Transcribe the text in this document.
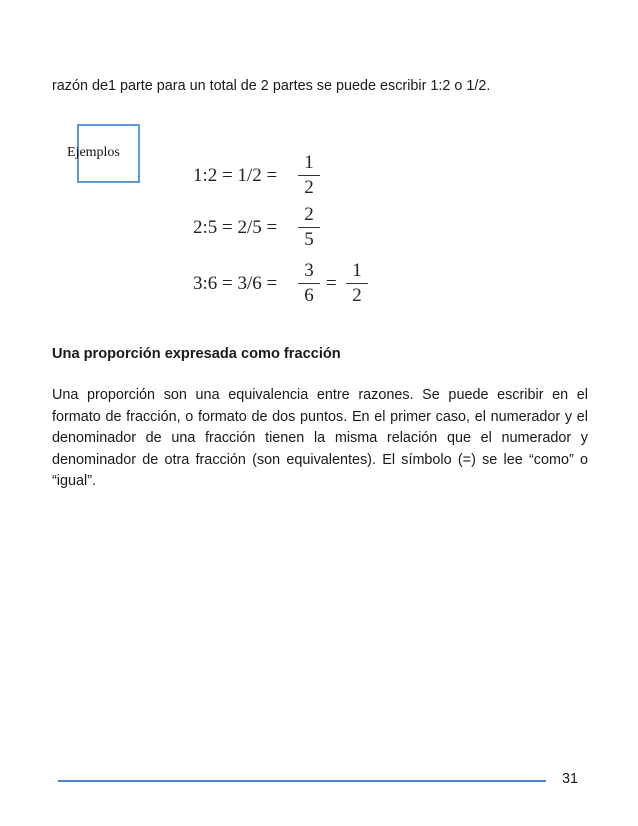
razón de1 parte para un total de 2 partes se puede escribir 1:2 o 1/2.
Ejemplos
1:2 = 1/2 =
1
2
2:5 = 2/5 =
2
5
3:6 = 3/6 =
3
6
=
1
2
Una proporción expresada como fracción
Una proporción son una equivalencia entre razones. Se puede escribir en el formato de fracción, o formato de dos puntos. En el primer caso, el numerador y el denominador de una fracción tienen la misma relación que el numerador y denominador de otra fracción (son equivalentes). El símbolo (=) se lee “como” o “igual”.
31
